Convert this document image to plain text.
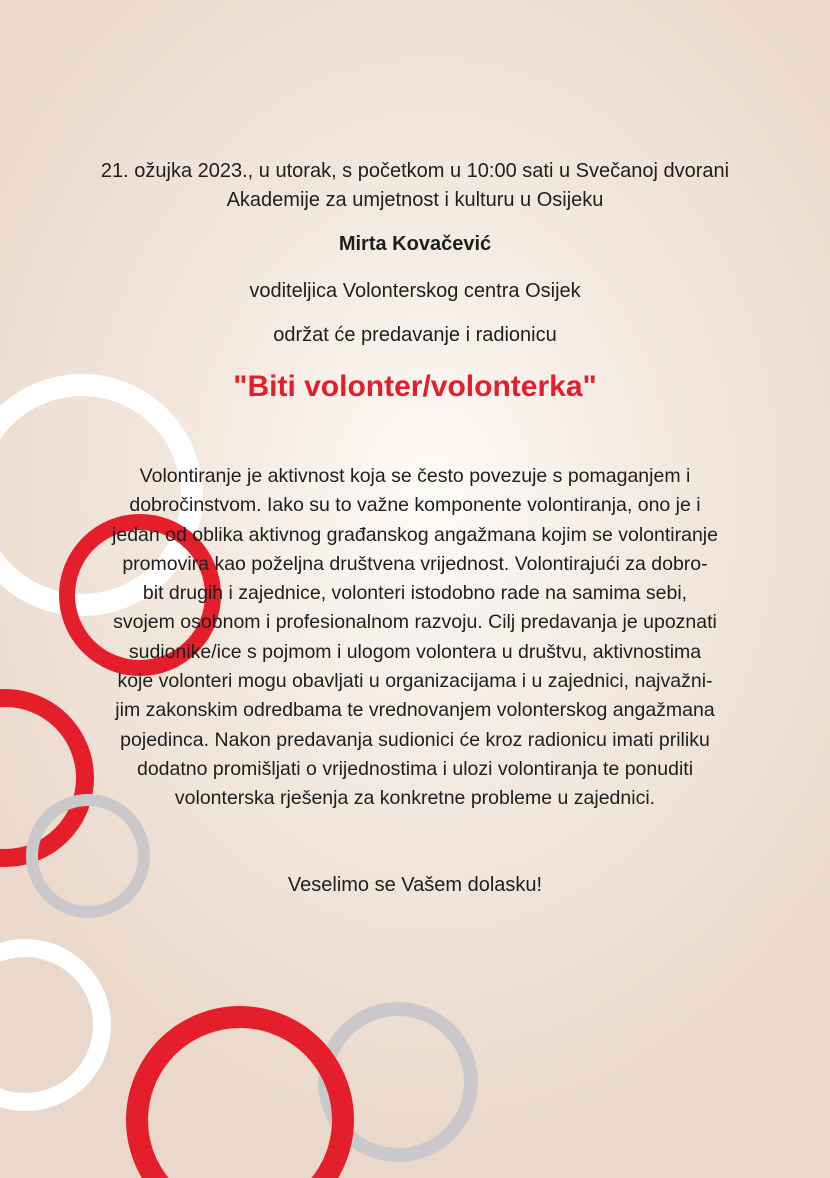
21. ožujka 2023., u utorak, s početkom u 10:00 sati u Svečanoj dvorani
Akademije za umjetnost i kulturu u Osijeku
Mirta Kovačević
voditeljica Volonterskog centra Osijek
održat će predavanje i radionicu
"Biti volonter/volonterka"
Volontiranje je aktivnost koja se često povezuje s pomaganjem i
dobročinstvom. Iako su to važne komponente volontiranja, ono je i
jedan od oblika aktivnog građanskog angažmana kojim se volontiranje
promovira kao poželjna društvena vrijednost. Volontirajući za dobro-
bit drugih i zajednice, volonteri istodobno rade na samima sebi,
svojem osobnom i profesionalnom razvoju. Cilj predavanja je upoznati
sudionike/ice s pojmom i ulogom volontera u društvu, aktivnostima
koje volonteri mogu obavljati u organizacijama i u zajednici, najvažni-
jim zakonskim odredbama te vrednovanjem volonterskog angažmana
pojedinca. Nakon predavanja sudionici će kroz radionicu imati priliku
dodatno promišljati o vrijednostima i ulozi volontiranja te ponuditi
volonterska rješenja za konkretne probleme u zajednici.
Veselimo se Vašem dolasku!
